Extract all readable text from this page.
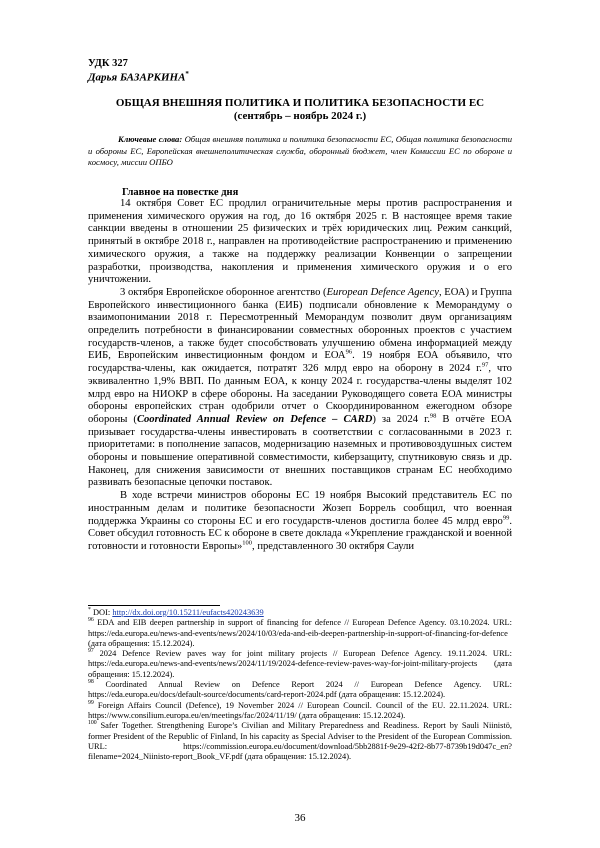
УДК 327
Дарья БАЗАРКИНА*
ОБЩАЯ ВНЕШНЯЯ ПОЛИТИКА И ПОЛИТИКА БЕЗОПАСНОСТИ ЕС
(сентябрь – ноябрь 2024 г.)
Ключевые слова: Общая внешняя политика и политика безопасности ЕС, Общая политика безопасности и обороны ЕС, Европейская внешнеполитическая служба, оборонный бюджет, член Комиссии ЕС по обороне и космосу, миссии ОПБО
Главное на повестке дня

14 октября Совет ЕС продлил ограничительные меры против распространения и применения химического оружия на год, до 16 октября 2025 г. В настоящее время такие санкции введены в отношении 25 физических и трёх юридических лиц. Режим санкций, принятый в октябре 2018 г., направлен на противодействие распространению и применению химического оружия, а также на поддержку реализации Конвенции о запрещении разработки, производства, накопления и применения химического оружия и о его уничтожении.

3 октября Европейское оборонное агентство (European Defence Agency, ЕОА) и Группа Европейского инвестиционного банка (ЕИБ) подписали обновление к Меморандуму о взаимопонимании 2018 г. Пересмотренный Меморандум позволит двум организациям определить потребности в финансировании совместных оборонных проектов с участием государств-членов, а также будет способствовать улучшению обмена информацией между ЕИБ, Европейским инвестиционным фондом и ЕОА$^{96}$. 19 ноября ЕОА объявило, что государства-члены, как ожидается, потратят 326 млрд евро на оборону в 2024 г.$^{97}$, что эквивалентно 1,9% ВВП. По данным ЕОА, к концу 2024 г. государства-члены выделят 102 млрд евро на НИОКР в сфере обороны. На заседании Руководящего совета ЕОА министры обороны европейских стран одобрили отчет о Скоординированном ежегодном обзоре обороны (Coordinated Annual Review on Defence – CARD) за 2024 г.$^{98}$ В отчёте ЕОА призывает государства-члены инвестировать в соответствии с согласованными в 2023 г. приоритетами: в пополнение запасов, модернизацию наземных и противовоздушных систем обороны и повышение оперативной совместимости, киберзащиту, спутниковую связь и др. Наконец, для снижения зависимости от внешних поставщиков странам ЕС необходимо развивать безопасные цепочки поставок.

В ходе встречи министров обороны ЕС 19 ноября Высокий представитель ЕС по иностранным делам и политике безопасности Жозеп Боррель сообщил, что военная поддержка Украины со стороны ЕС и его государств-членов достигла более 45 млрд евро$^{99}$. Совет обсудил готовность ЕС к обороне в свете доклада «Укрепление гражданской и военной готовности и готовности Европы»$^{100}$, представленного 30 октября Саули

* DOI: http://dx.doi.org/10.15211/eufacts420243639

$^{96}$ EDA and EIB deepen partnership in support of financing for defence // European Defence Agency. 03.10.2024. URL: https://eda.europa.eu/news-and-events/news/2024/10/03/eda-and-eib-deepen-partnership-in-support-of-financing-for-defence (дата обращения: 15.12.2024).

$^{97}$ 2024 Defence Review paves way for joint military projects // European Defence Agency. 19.11.2024. URL: https://eda.europa.eu/news-and-events/news/2024/11/19/2024-defence-review-paves-way-for-joint-military-projects (дата обращения: 15.12.2024).

$^{98}$ Coordinated Annual Review on Defence Report 2024 // European Defence Agency. URL: https://eda.europa.eu/docs/default-source/documents/card-report-2024.pdf (дата обращения: 15.12.2024).

$^{99}$ Foreign Affairs Council (Defence), 19 November 2024 // European Council. Council of the EU. 22.11.2024. URL: https://www.consilium.europa.eu/en/meetings/fac/2024/11/19/ (дата обращения: 15.12.2024).

$^{100}$ Safer Together. Strengthening Europe’s Civilian and Military Preparedness and Readiness. Report by Sauli Niinistö, former President of the Republic of Finland, In his capacity as Special Adviser to the President of the European Commission. URL: https://commission.europa.eu/document/download/5bb2881f-9e29-42f2-8b77-8739b19d047c_en?filename=2024_Niinisto-report_Book_VF.pdf (дата обращения: 15.12.2024).

36
